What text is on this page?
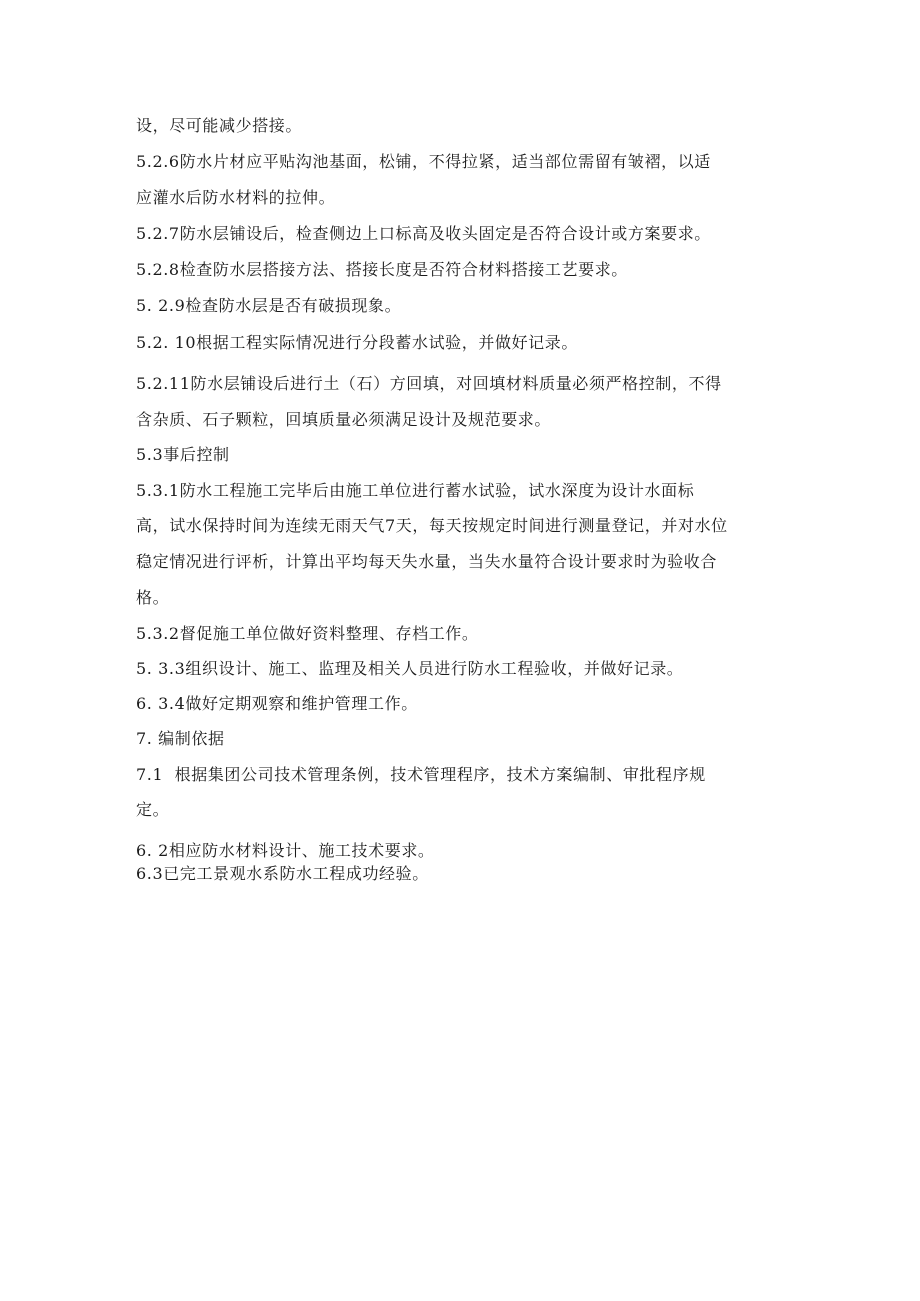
设，尽可能减少搭接。
5.2.6防水片材应平贴沟池基面，松铺，不得拉紧，适当部位需留有皱褶，以适
应灌水后防水材料的拉伸。
5.2.7防水层铺设后，检查侧边上口标高及收头固定是否符合设计或方案要求。
5.2.8检查防水层搭接方法、搭接长度是否符合材料搭接工艺要求。
5. 2.9检查防水层是否有破损现象。
5.2. 10根据工程实际情况进行分段蓄水试验，并做好记录。
5.2.11防水层铺设后进行土（石）方回填，对回填材料质量必须严格控制，不得
含杂质、石子颗粒，回填质量必须满足设计及规范要求。
5.3事后控制
5.3.1防水工程施工完毕后由施工单位进行蓄水试验，试水深度为设计水面标
高，试水保持时间为连续无雨天气7天，每天按规定时间进行测量登记，并对水位
稳定情况进行评析，计算出平均每天失水量，当失水量符合设计要求时为验收合
格。
5.3.2督促施工单位做好资料整理、存档工作。
5. 3.3组织设计、施工、监理及相关人员进行防水工程验收，并做好记录。
6. 3.4做好定期观察和维护管理工作。
7. 编制依据
7.1  根据集团公司技术管理条例，技术管理程序，技术方案编制、审批程序规
定。
6. 2相应防水材料设计、施工技术要求。
6.3已完工景观水系防水工程成功经验。
